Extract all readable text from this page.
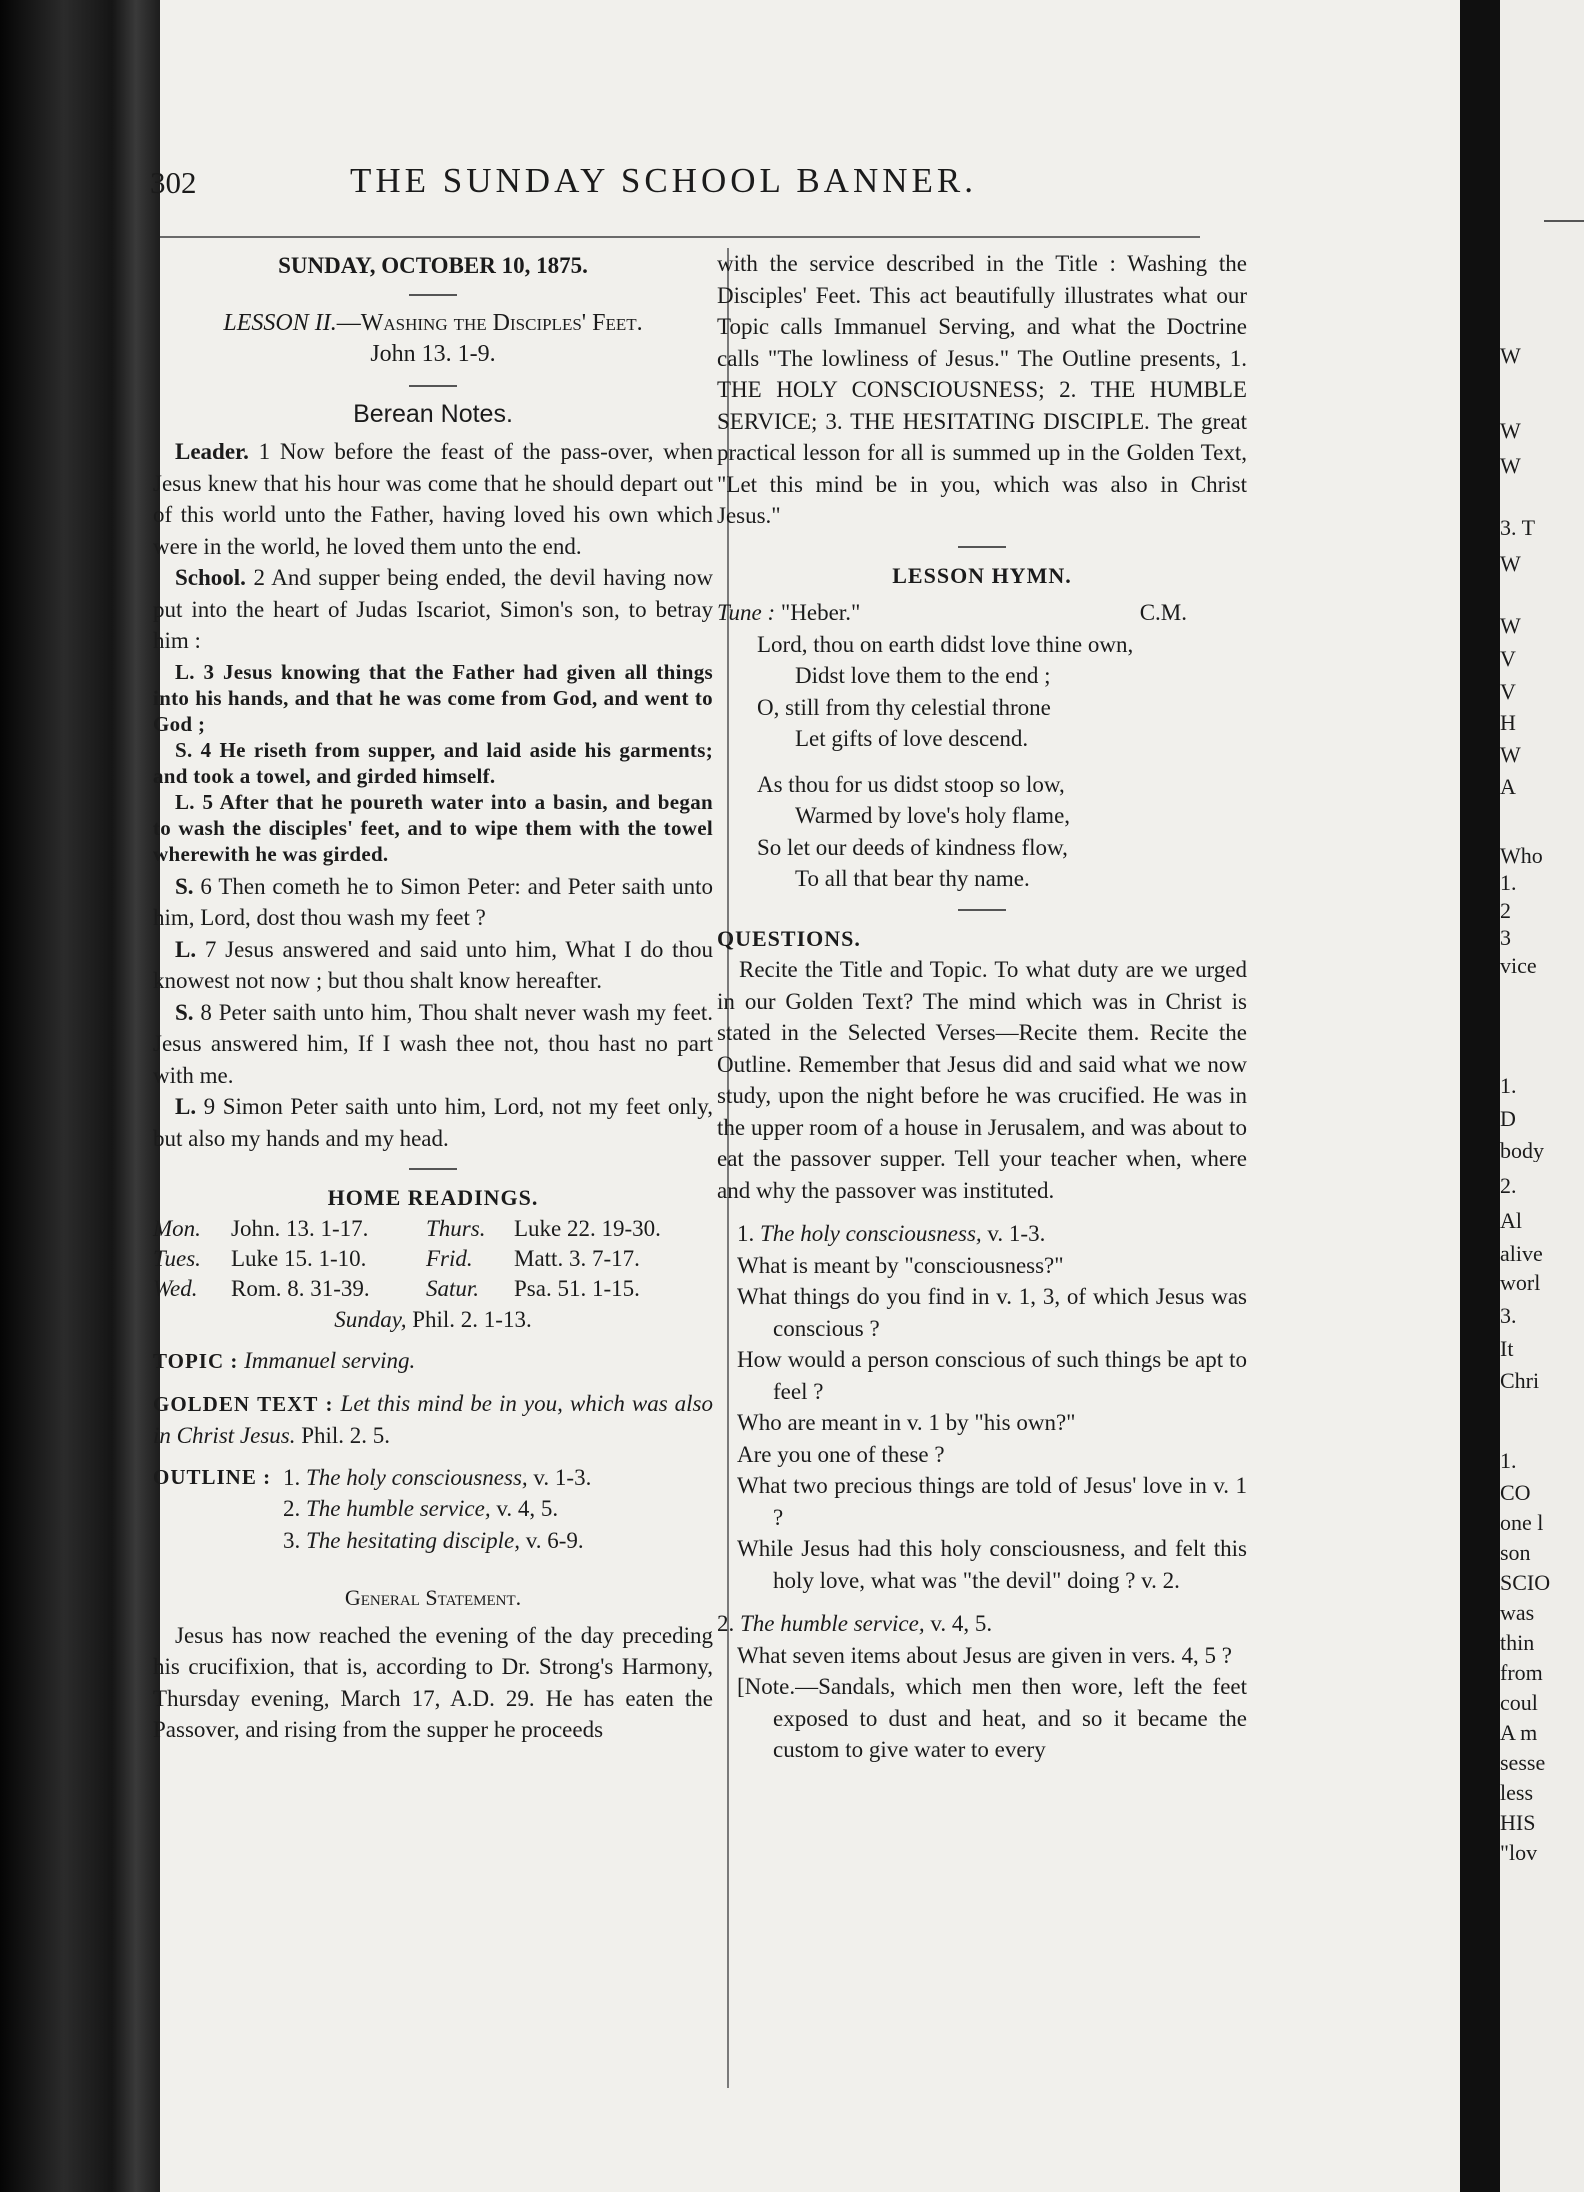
W
W
W
3. T
W
W
V
V
H
W
A
Who
1.
2
3
vice
1.
D
body
2.
Al
alive
worl
3.
It
Chri
1.
CO
one l
son
SCIO
was
thin
from
coul
A m
sesse
less
HIS
"lov
302	THE SUNDAY SCHOOL BANNER.

SUNDAY, OCTOBER 10, 1875.

LESSON II.—Washing the Disciples' Feet.

John 13. 1-9.

Berean Notes.

Leader. 1 Now before the feast of the pass-over, when Jesus knew that his hour was come that he should depart out of this world unto the Father, having loved his own which were in the world, he loved them unto the end.

School. 2 And supper being ended, the devil having now put into the heart of Judas Iscariot, Simon's son, to betray him :

L. 3 Jesus knowing that the Father had given all things into his hands, and that he was come from God, and went to God ;

S. 4 He riseth from supper, and laid aside his garments; and took a towel, and girded himself.

L. 5 After that he poureth water into a basin, and began to wash the disciples' feet, and to wipe them with the towel wherewith he was girded.

S. 6 Then cometh he to Simon Peter: and Peter saith unto him, Lord, dost thou wash my feet ?

L. 7 Jesus answered and said unto him, What I do thou knowest not now ; but thou shalt know hereafter.

S. 8 Peter saith unto him, Thou shalt never wash my feet. Jesus answered him, If I wash thee not, thou hast no part with me.

L. 9 Simon Peter saith unto him, Lord, not my feet only, but also my hands and my head.

HOME READINGS.

Mon.	John. 13. 1-17.	Thurs.	Luke 22. 19-30.
Tues.	Luke 15. 1-10.	Frid.	Matt. 3. 7-17.
Wed.	Rom. 8. 31-39.	Satur.	Psa. 51. 1-15.

Sunday, Phil. 2. 1-13.

TOPIC : Immanuel serving.

GOLDEN TEXT : Let this mind be in you, which was also in Christ Jesus. Phil. 2. 5.

OUTLINE : 1. The holy consciousness, v. 1-3.
2. The humble service, v. 4, 5.
3. The hesitating disciple, v. 6-9.

General Statement.

Jesus has now reached the evening of the day preceding his crucifixion, that is, according to Dr. Strong's Harmony, Thursday evening, March 17, A.D. 29. He has eaten the Passover, and rising from the supper he proceeds

with the service described in the Title : Washing the Disciples' Feet. This act beautifully illustrates what our Topic calls Immanuel Serving, and what the Doctrine calls "The lowliness of Jesus." The Outline presents, 1. THE HOLY CONSCIOUSNESS; 2. THE HUMBLE SERVICE; 3. THE HESITATING DISCIPLE. The great practical lesson for all is summed up in the Golden Text, "Let this mind be in you, which was also in Christ Jesus."

LESSON HYMN.

Tune : "Heber."	C.M.
Lord, thou on earth didst love thine own,
Didst love them to the end ;
O, still from thy celestial throne
Let gifts of love descend.
As thou for us didst stoop so low,
Warmed by love's holy flame,
So let our deeds of kindness flow,
To all that bear thy name.

QUESTIONS.

Recite the Title and Topic. To what duty are we urged in our Golden Text? The mind which was in Christ is stated in the Selected Verses—Recite them. Recite the Outline. Remember that Jesus did and said what we now study, upon the night before he was crucified. He was in the upper room of a house in Jerusalem, and was about to eat the passover supper. Tell your teacher when, where and why the passover was instituted.

1. The holy consciousness, v. 1-3.

What is meant by "consciousness?"

What things do you find in v. 1, 3, of which Jesus was conscious ?

How would a person conscious of such things be apt to feel ?

Who are meant in v. 1 by "his own?"

Are you one of these ?

What two precious things are told of Jesus' love in v. 1 ?

While Jesus had this holy consciousness, and felt this holy love, what was "the devil" doing ? v. 2.

2. The humble service, v. 4, 5.

What seven items about Jesus are given in vers. 4, 5 ?

[Note.—Sandals, which men then wore, left the feet exposed to dust and heat, and so it became the custom to give water to every
